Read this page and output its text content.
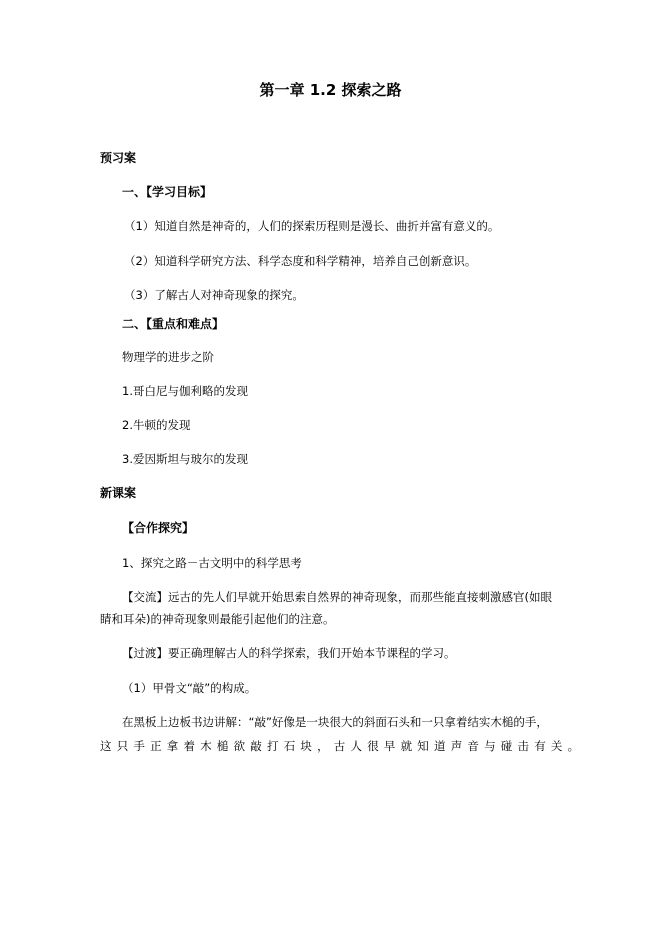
第一章 1.2 探索之路
预习案
一、【学习目标】
（1）知道自然是神奇的，人们的探索历程则是漫长、曲折并富有意义的。
（2）知道科学研究方法、科学态度和科学精神，培养自己创新意识。
（3）了解古人对神奇现象的探究。
二、【重点和难点】
物理学的进步之阶
1.哥白尼与伽利略的发现
2.牛顿的发现
3.爱因斯坦与玻尔的发现
新课案
【合作探究】
1、探究之路－古文明中的科学思考
【交流】远古的先人们早就开始思索自然界的神奇现象，而那些能直接刺激感官(如眼
睛和耳朵)的神奇现象则最能引起他们的注意。
【过渡】要正确理解古人的科学探索，我们开始本节课程的学习。
（1）甲骨文“敲”的构成。
在黑板上边板书边讲解：“敲”好像是一块很大的斜面石头和一只拿着结实木槌的手，
这只手正拿着木槌欲敲打石块，古人很早就知道声音与碰击有关。
